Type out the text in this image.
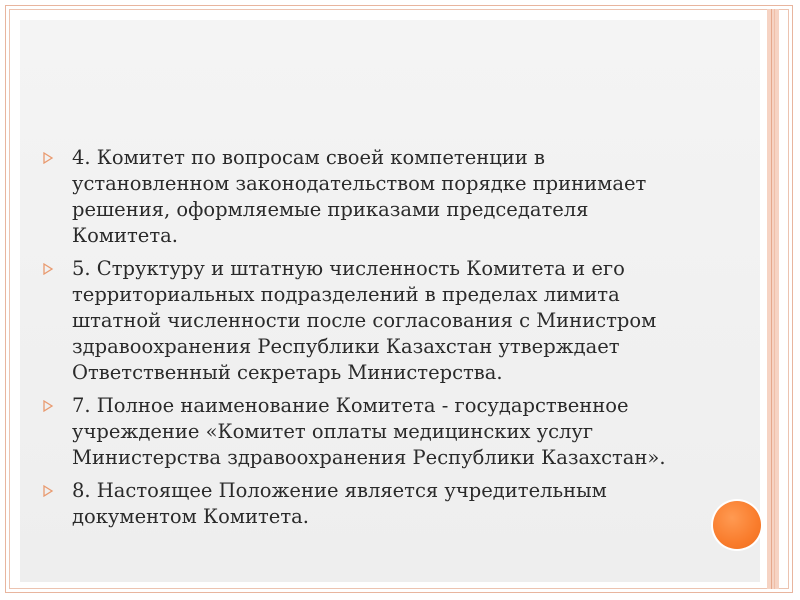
4. Комитет по вопросам своей компетенции в установленном законодательством порядке принимает решения, оформляемые приказами председателя Комитета.
5. Структуру и штатную численность Комитета и его территориальных подразделений в пределах лимита штатной численности после согласования с Министром здравоохранения Республики Казахстан утверждает Ответственный секретарь Министерства.
7. Полное наименование Комитета - государственное учреждение «Комитет оплаты медицинских услуг Министерства здравоохранения Республики Казахстан».
8. Настоящее Положение является учредительным документом Комитета.
